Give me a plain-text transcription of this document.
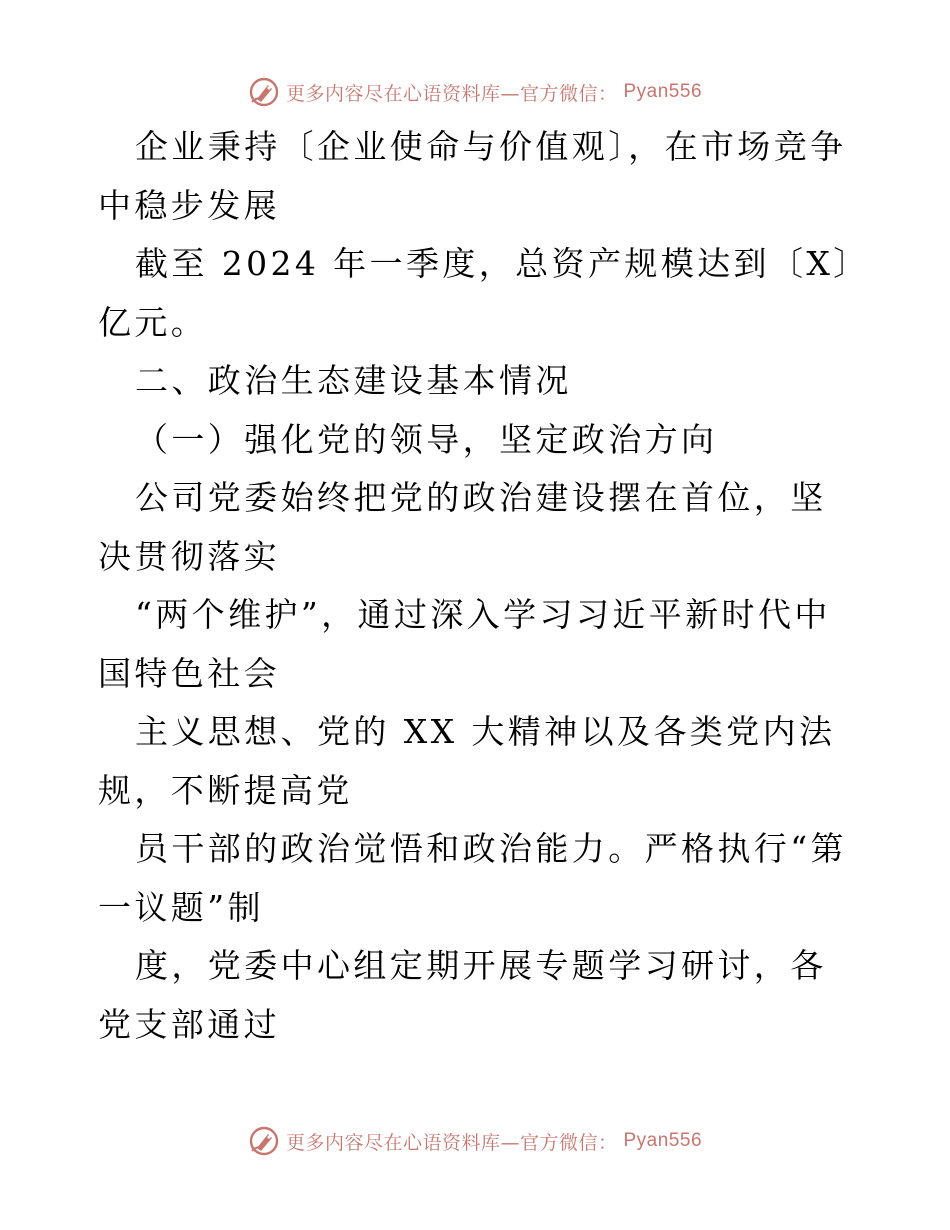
更多内容尽在心语资料库—官方微信： Pyan556

企业秉持〔企业使命与价值观〕，在市场竞争中稳步发展

截至 2024 年一季度，总资产规模达到〔X〕亿元。

二、政治生态建设基本情况

（一）强化党的领导，坚定政治方向

公司党委始终把党的政治建设摆在首位，坚决贯彻落实

“两个维护”，通过深入学习习近平新时代中国特色社会

主义思想、党的 XX 大精神以及各类党内法规，不断提高党

员干部的政治觉悟和政治能力。严格执行“第一议题”制

度，党委中心组定期开展专题学习研讨，各党支部通过

更多内容尽在心语资料库—官方微信： Pyan556
